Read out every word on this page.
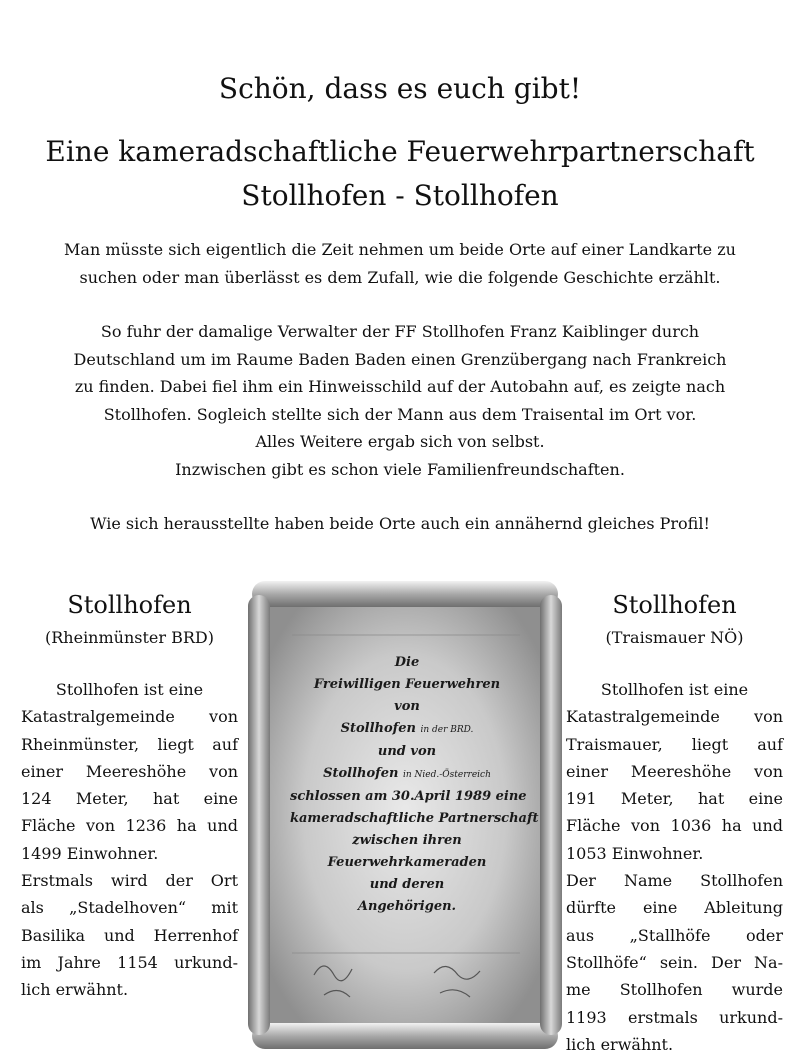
Schön, dass es euch gibt!
Eine kameradschaftliche Feuerwehrpartnerschaft
Stollhofen - Stollhofen
Man müsste sich eigentlich die Zeit nehmen um beide Orte auf einer Landkarte zu
suchen oder man überlässt es dem Zufall, wie die folgende Geschichte erzählt.
So fuhr der damalige Verwalter der FF Stollhofen Franz Kaiblinger durch
Deutschland um im Raume Baden Baden einen Grenzübergang nach Frankreich
zu finden. Dabei fiel ihm ein Hinweisschild auf der Autobahn auf, es zeigte nach
Stollhofen. Sogleich stellte sich der Mann aus dem Traisental im Ort vor.
Alles Weitere ergab sich von selbst.
Inzwischen gibt es schon viele Familienfreundschaften.
Wie sich herausstellte haben beide Orte auch ein annähernd gleiches Profil!
Stollhofen
(Rheinmünster BRD)
Stollhofen ist eine
Katastralgemeinde von
Rheinmünster, liegt auf
einer Meereshöhe von
124 Meter, hat eine
Fläche von 1236 ha und
1499 Einwohner.
Erstmals wird der Ort
als „Stadelhoven“ mit
Basilika und Herrenhof
im Jahre 1154 urkund-
lich erwähnt.
Stollhofen
(Traismauer NÖ)
Stollhofen ist eine
Katastralgemeinde von
Traismauer, liegt auf
einer Meereshöhe von
191 Meter, hat eine
Fläche von 1036 ha und
1053 Einwohner.
Der Name Stollhofen
dürfte eine Ableitung
aus „Stallhöfe oder
Stollhöfe“ sein. Der Na-
me Stollhofen wurde
1193 erstmals urkund-
lich erwähnt.
Die
Freiwilligen Feuerwehren
von
Stollhofen in der BRD.
und von
Stollhofen in Nied.-Österreich
schlossen am 30.April 1989 eine
kameradschaftliche Partnerschaft
zwischen ihren
Feuerwehrkameraden
und deren
Angehörigen.
